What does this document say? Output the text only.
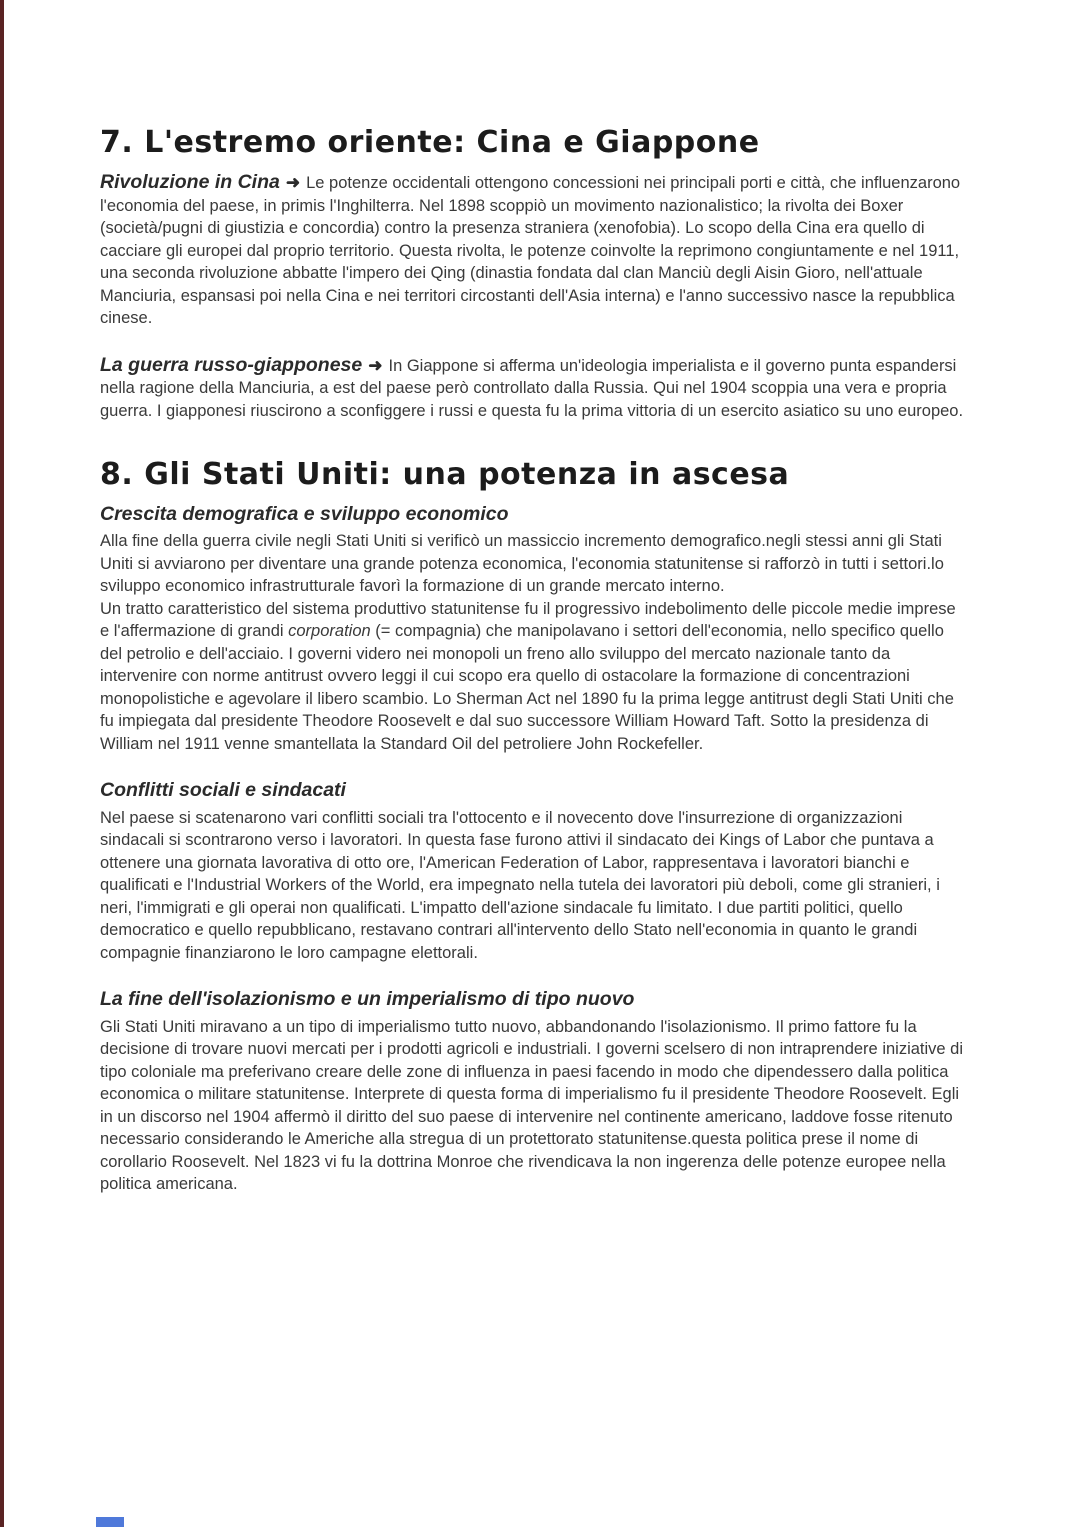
7. L'estremo oriente: Cina e Giappone

Rivoluzione in Cina ➜ Le potenze occidentali ottengono concessioni nei principali porti e città, che influenzarono l'economia del paese, in primis l'Inghilterra. Nel 1898 scoppiò un movimento nazionalistico; la rivolta dei Boxer (società/pugni di giustizia e concordia) contro la presenza straniera (xenofobia). Lo scopo della Cina era quello di cacciare gli europei dal proprio territorio. Questa rivolta, le potenze coinvolte la reprimono congiuntamente e nel 1911, una seconda rivoluzione abbatte l'impero dei Qing (dinastia fondata dal clan Manciù degli Aisin Gioro, nell'attuale Manciuria, espansasi poi nella Cina e nei territori circostanti dell'Asia interna) e l'anno successivo nasce la repubblica cinese.

La guerra russo-giapponese ➜ In Giappone si afferma un'ideologia imperialista e il governo punta espandersi nella ragione della Manciuria, a est del paese però controllato dalla Russia. Qui nel 1904 scoppia una vera e propria guerra. I giapponesi riuscirono a sconfiggere i russi e questa fu la prima vittoria di un esercito asiatico su uno europeo.

8. Gli Stati Uniti: una potenza in ascesa
Crescita demografica e sviluppo economico

Alla fine della guerra civile negli Stati Uniti si verificò un massiccio incremento demografico.negli stessi anni gli Stati Uniti si avviarono per diventare una grande potenza economica, l'economia statunitense si rafforzò in tutti i settori.lo sviluppo economico infrastrutturale favorì la formazione di un grande mercato interno.

Un tratto caratteristico del sistema produttivo statunitense fu il progressivo indebolimento delle piccole medie imprese e l'affermazione di grandi corporation (= compagnia) che manipolavano i settori dell'economia, nello specifico quello del petrolio e dell'acciaio. I governi videro nei monopoli un freno allo sviluppo del mercato nazionale tanto da intervenire con norme antitrust ovvero leggi il cui scopo era quello di ostacolare la formazione di concentrazioni monopolistiche e agevolare il libero scambio. Lo Sherman Act nel 1890 fu la prima legge antitrust degli Stati Uniti che fu impiegata dal presidente Theodore Roosevelt e dal suo successore William Howard Taft. Sotto la presidenza di William nel 1911 venne smantellata la Standard Oil del petroliere John Rockefeller.

Conflitti sociali e sindacati

Nel paese si scatenarono vari conflitti sociali tra l'ottocento e il novecento dove l'insurrezione di organizzazioni sindacali si scontrarono verso i lavoratori. In questa fase furono attivi il sindacato dei Kings of Labor che puntava a ottenere una giornata lavorativa di otto ore, l'American Federation of Labor, rappresentava i lavoratori bianchi e qualificati e l'Industrial Workers of the World, era impegnato nella tutela dei lavoratori più deboli, come gli stranieri, i neri, l'immigrati e gli operai non qualificati. L'impatto dell'azione sindacale fu limitato. I due partiti politici, quello democratico e quello repubblicano, restavano contrari all'intervento dello Stato nell'economia in quanto le grandi compagnie finanziarono le loro campagne elettorali.

La fine dell'isolazionismo e un imperialismo di tipo nuovo

Gli Stati Uniti miravano a un tipo di imperialismo tutto nuovo, abbandonando l'isolazionismo. Il primo fattore fu la decisione di trovare nuovi mercati per i prodotti agricoli e industriali. I governi scelsero di non intraprendere iniziative di tipo coloniale ma preferivano creare delle zone di influenza in paesi facendo in modo che dipendessero dalla politica economica o militare statunitense. Interprete di questa forma di imperialismo fu il presidente Theodore Roosevelt. Egli in un discorso nel 1904 affermò il diritto del suo paese di intervenire nel continente americano, laddove fosse ritenuto necessario considerando le Americhe alla stregua di un protettorato statunitense.questa politica prese il nome di corollario Roosevelt. Nel 1823 vi fu la dottrina Monroe che rivendicava la non ingerenza delle potenze europee nella politica americana.
